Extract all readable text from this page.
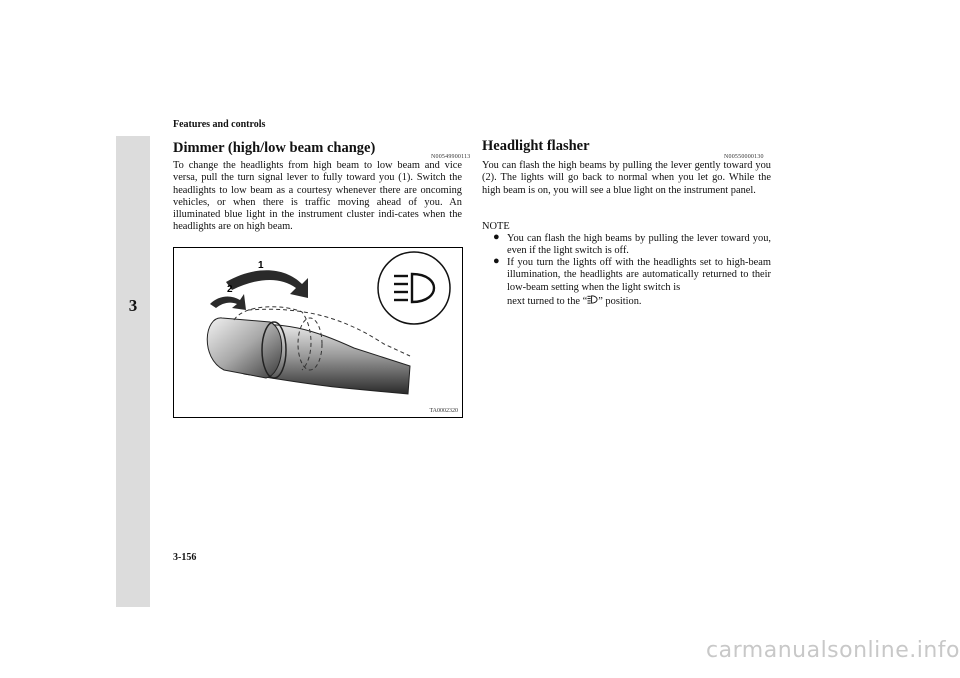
Features and controls
3
Dimmer (high/low beam change)
N00549900113
To change the headlights from high beam to low beam and vice versa, pull the turn signal lever to fully toward you (1). Switch the headlights to low beam as a courtesy whenever there are oncoming vehicles, or when there is traffic moving ahead of you. An illuminated blue light in the instrument cluster indi-cates when the headlights are on high beam.
1
2
TA0002320
Headlight flasher
N00550000130
You can flash the high beams by pulling the lever gently toward you (2). The lights will go back to normal when you let go. While the high beam is on, you will see a blue light on the instrument panel.
NOTE
● You can flash the high beams by pulling the lever toward you, even if the light switch is off.
● If you turn the lights off with the headlights set to high-beam illumination, the headlights are automatically returned to their low-beam setting when the light switch is
next turned to the “ ” position.
3-156
carmanualsonline.info
